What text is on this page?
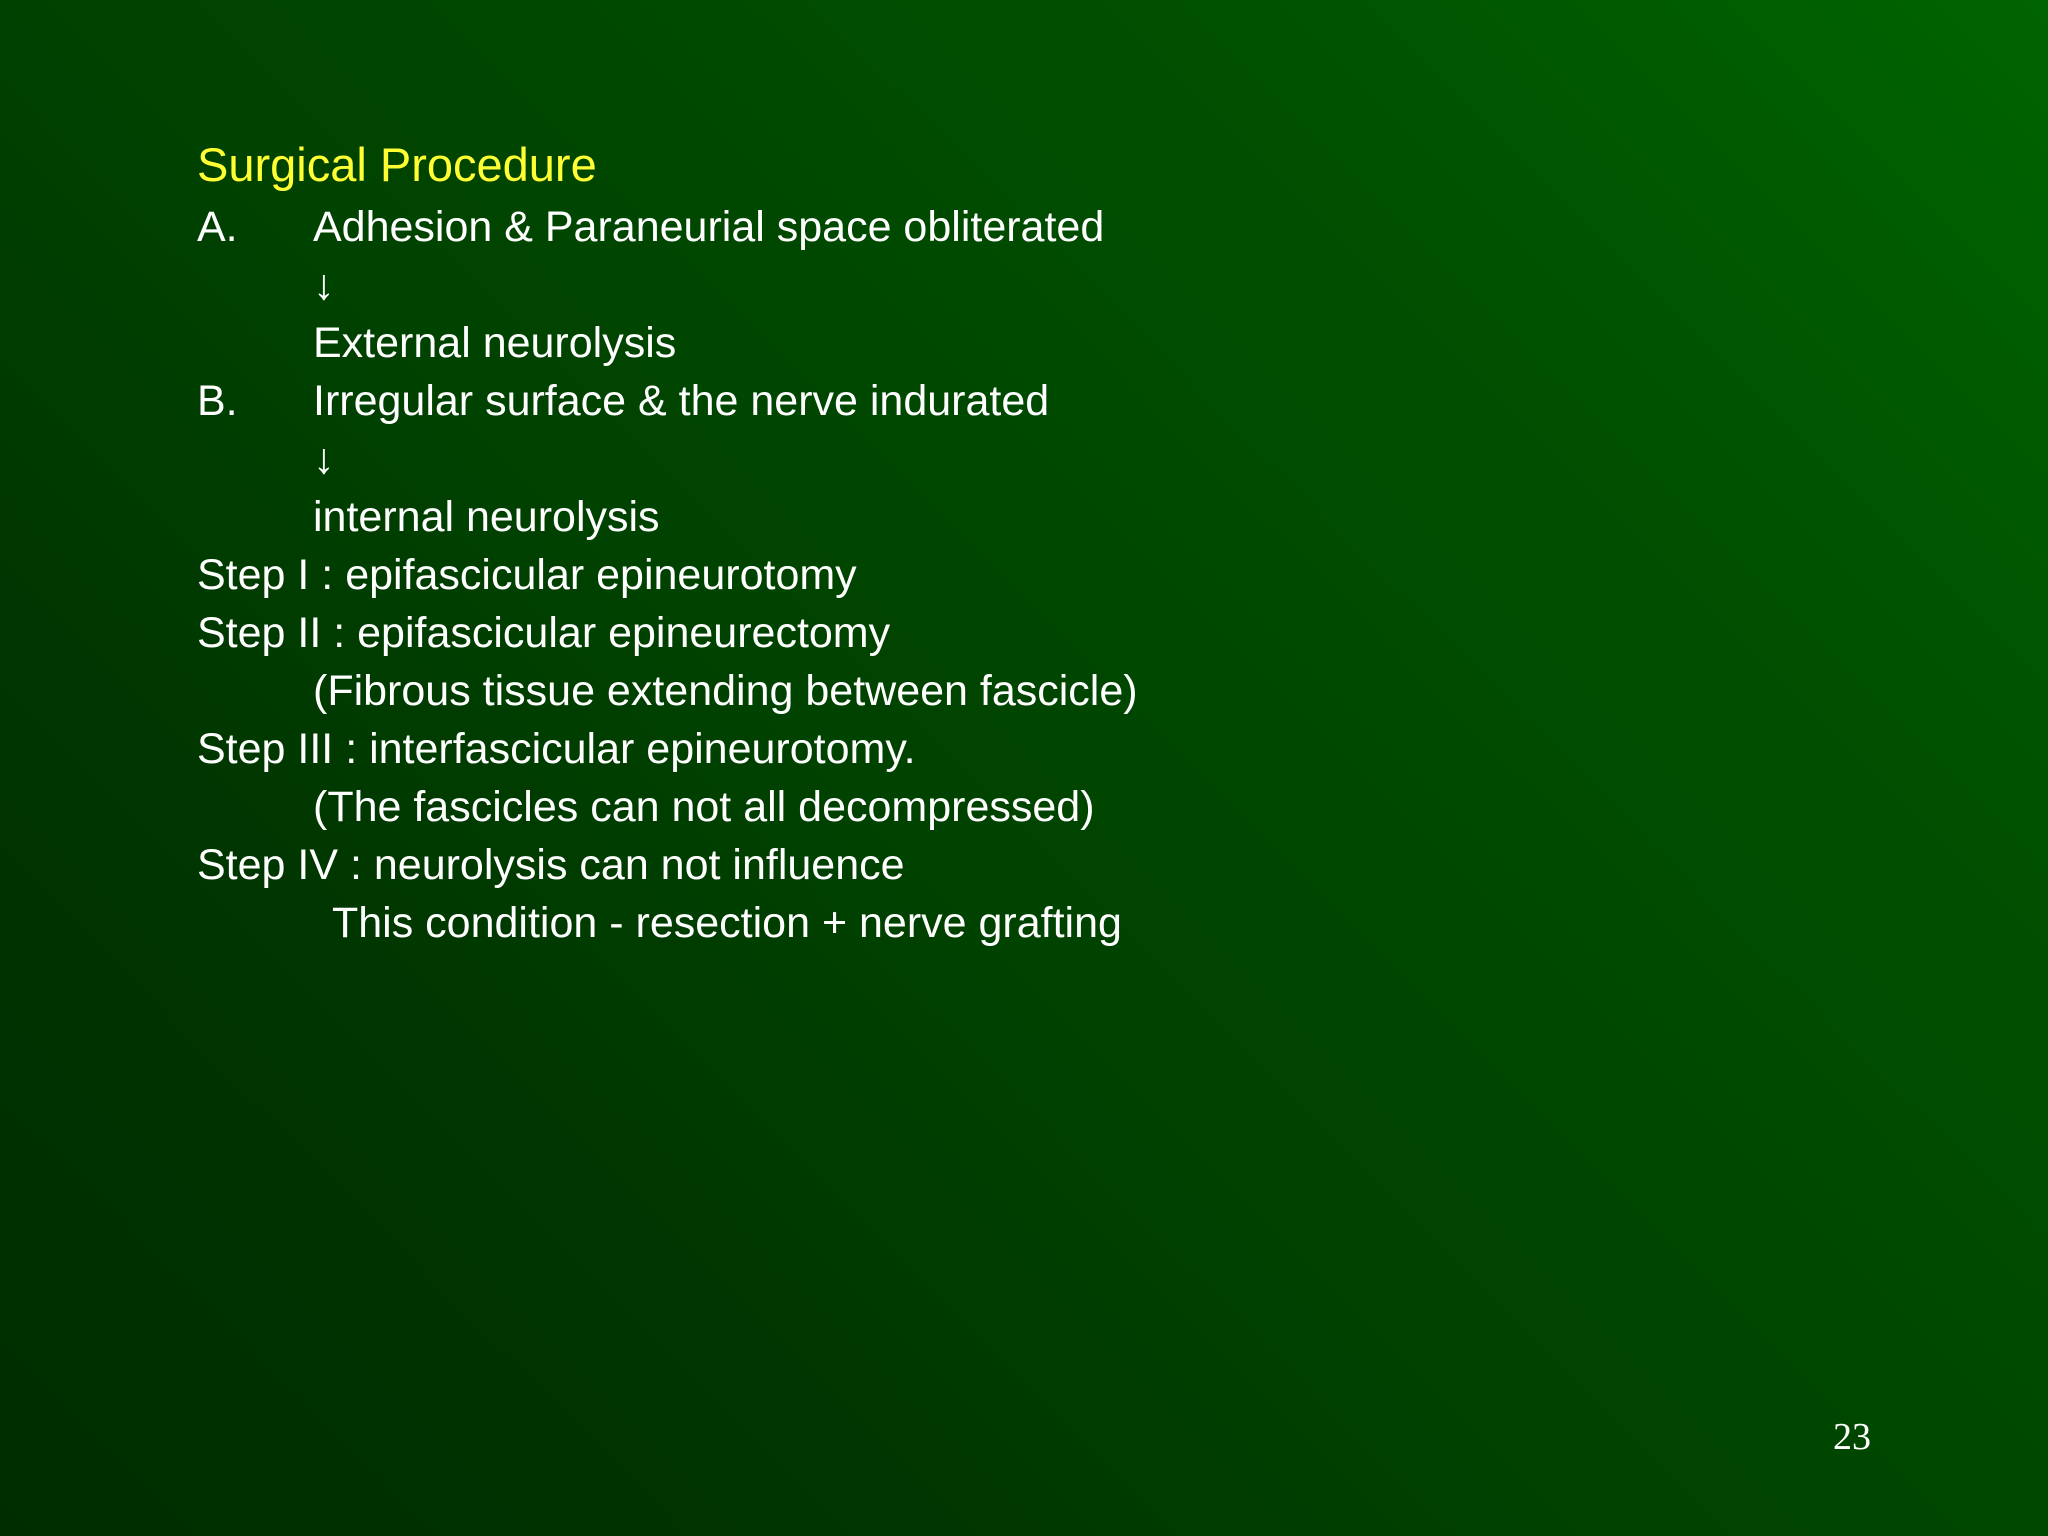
Surgical Procedure
A. Adhesion & Paraneurial space obliterated
↓
External neurolysis
B. Irregular surface & the nerve indurated
↓
internal neurolysis
Step I : epifascicular epineurotomy
Step II : epifascicular epineurectomy
(Fibrous tissue extending between fascicle)
Step III : interfascicular epineurotomy.
(The fascicles can not all decompressed)
Step IV : neurolysis can not influence
This condition - resection + nerve grafting
23
